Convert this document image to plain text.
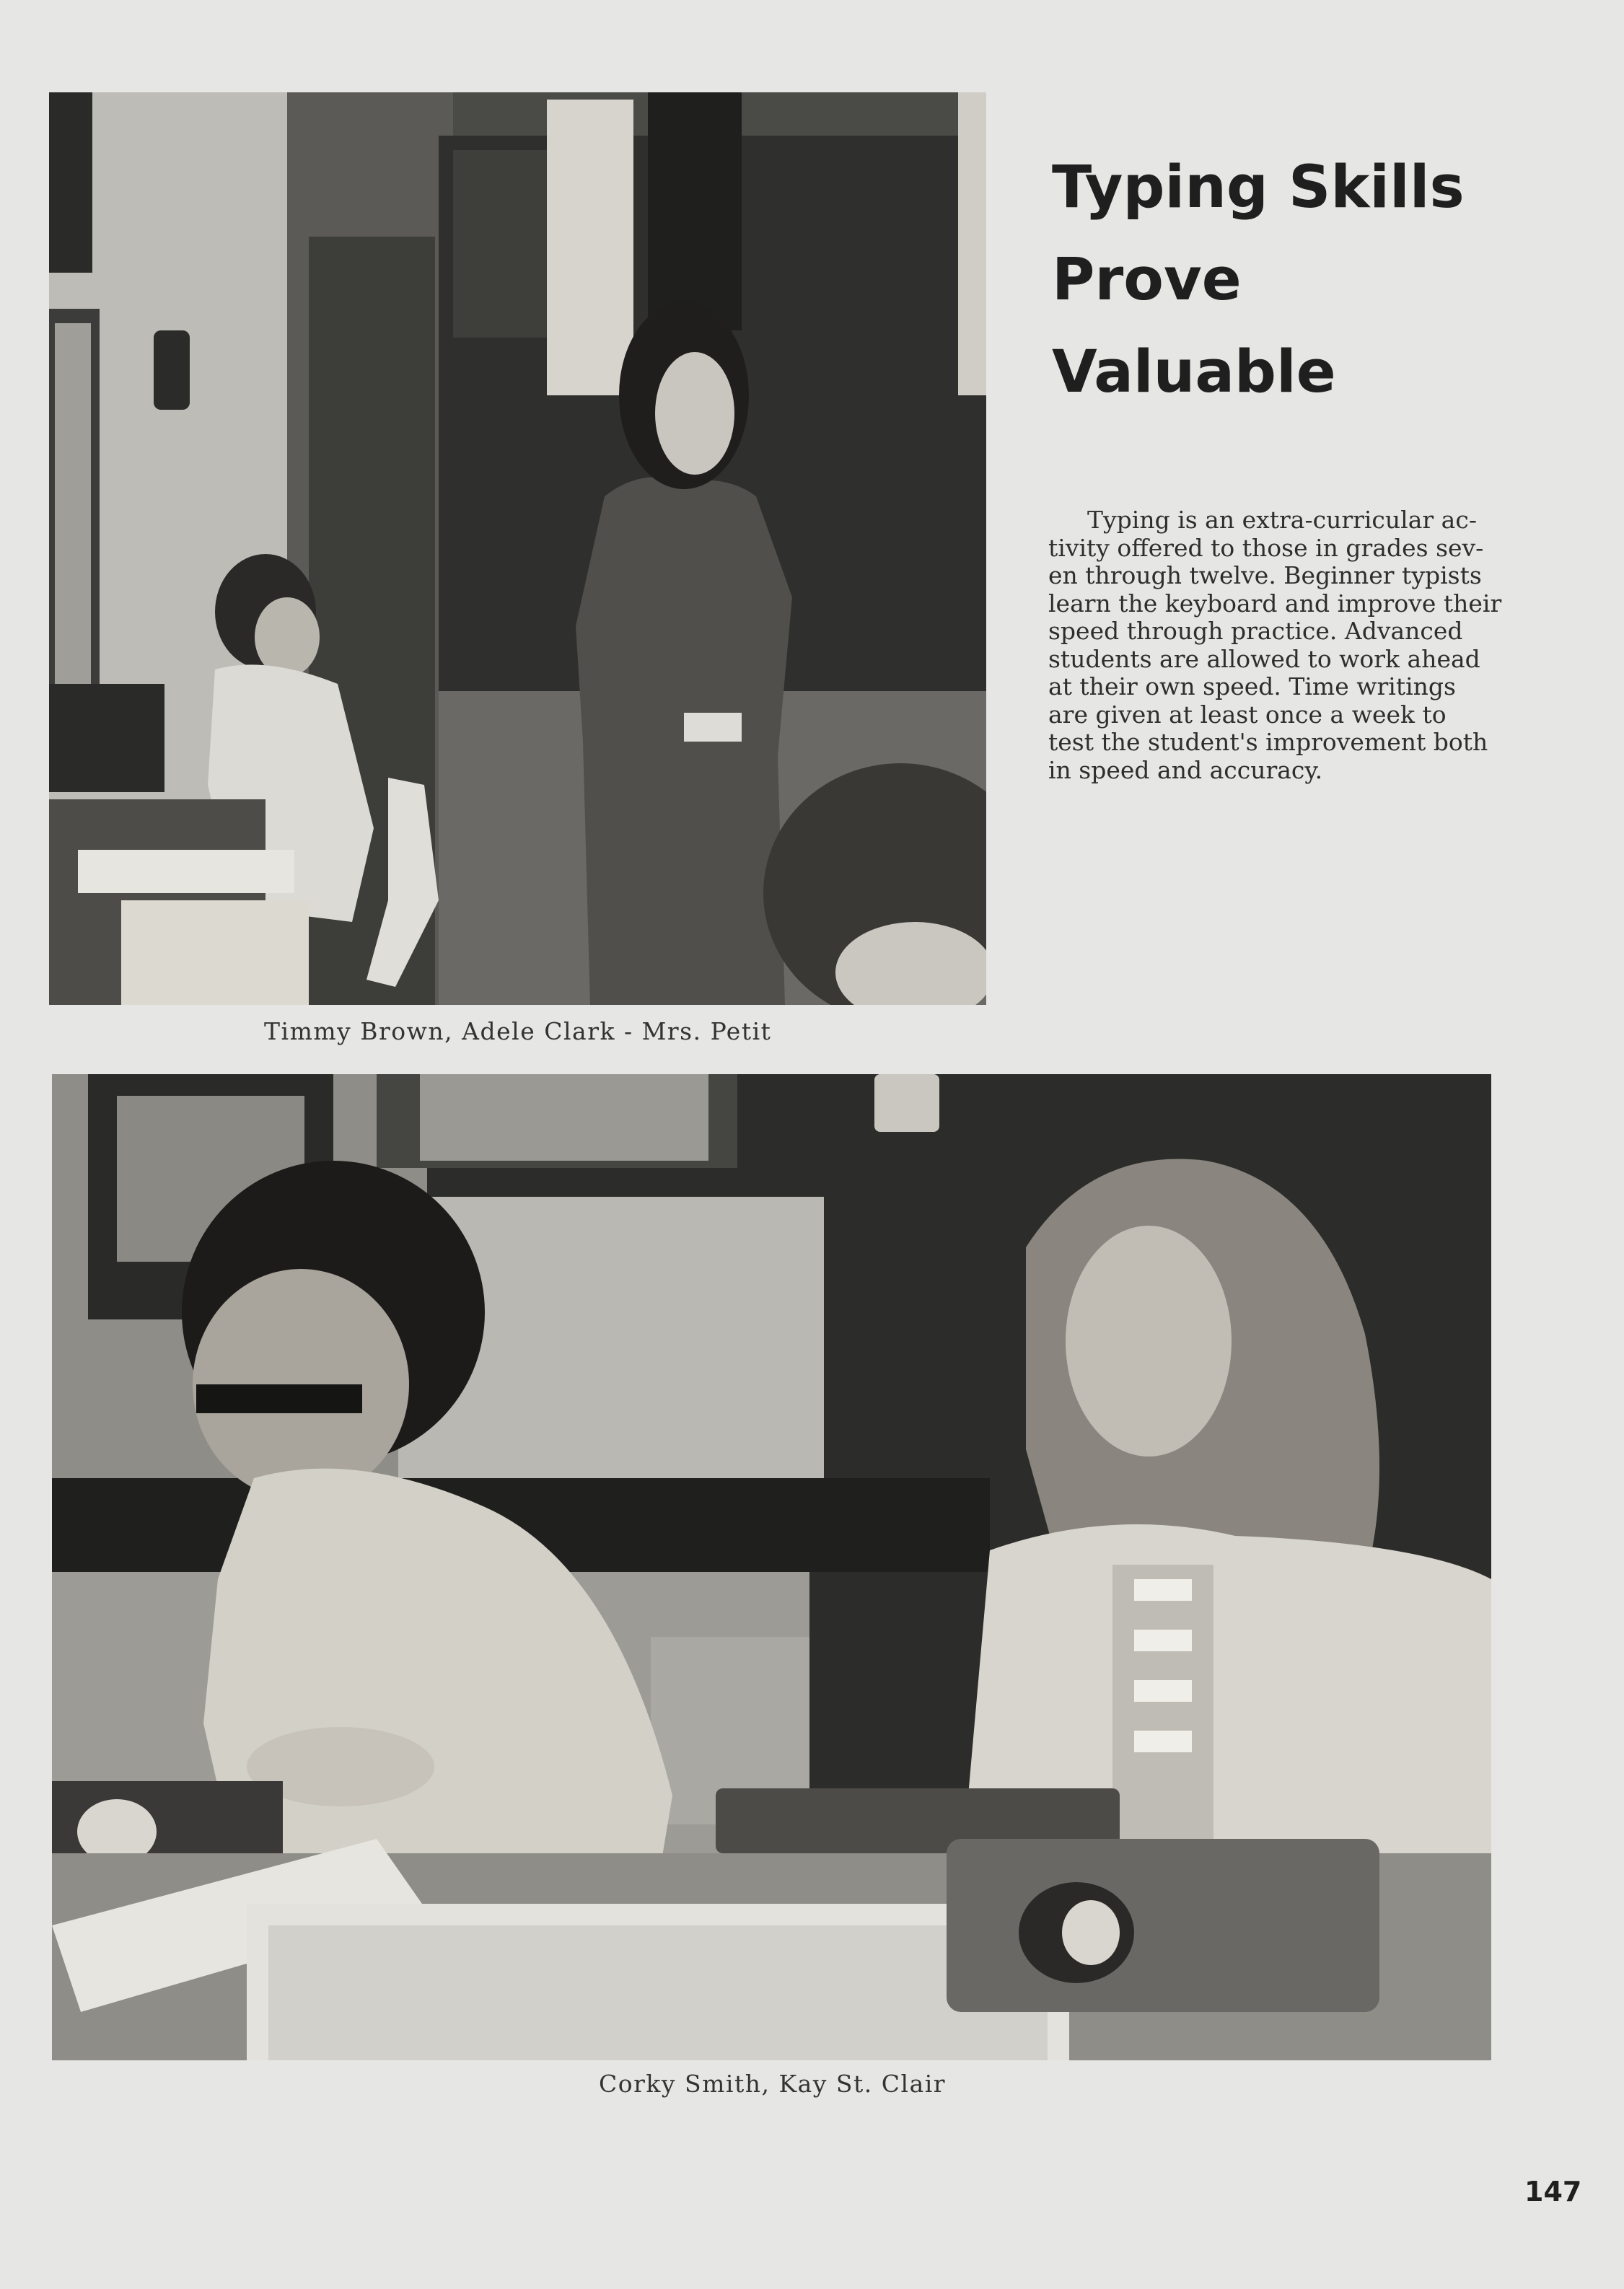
Timmy Brown, Adele Clark - Mrs. Petit
Typing Skills
Prove
Valuable

Typing is an extra-curricular ac-
tivity offered to those in grades sev-
en through twelve. Beginner typists
learn the keyboard and improve their
speed through practice. Advanced
students are allowed to work ahead
at their own speed. Time writings
are given at least once a week to
test the student's improvement both
in speed and accuracy.

Corky Smith, Kay St. Clair
147
